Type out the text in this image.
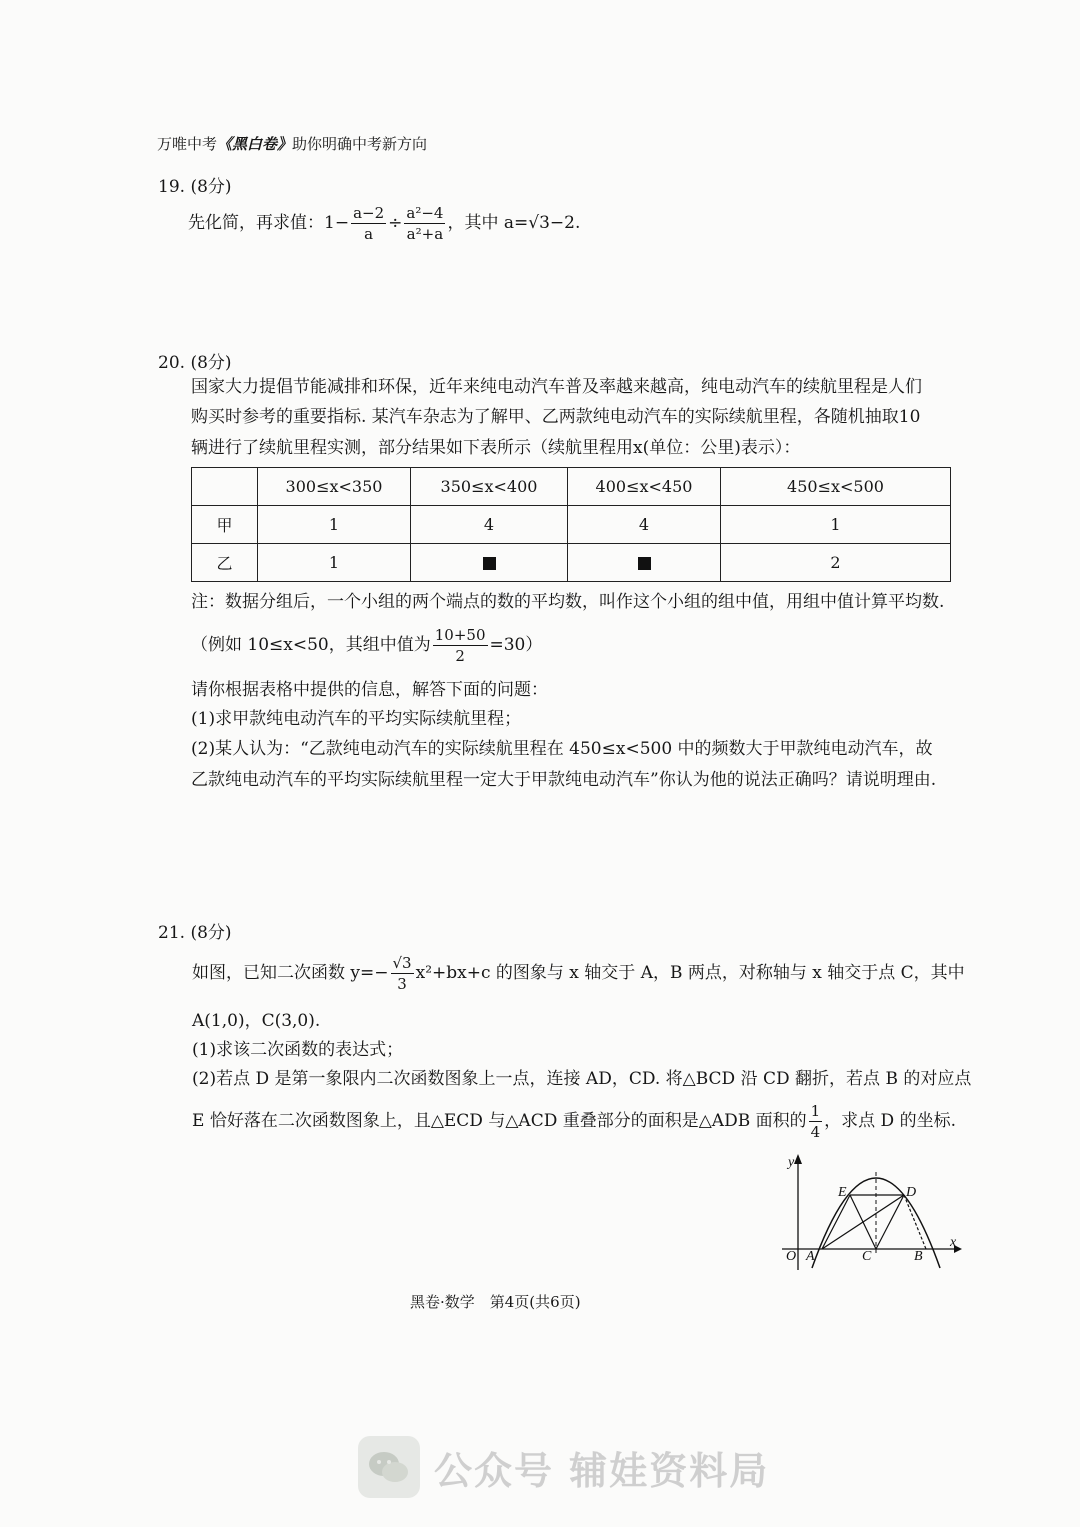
万唯中考《黑白卷》助你明确中考新方向
19. (8分)
先化简，再求值：$1- \frac{a-2}{a} \div \frac{\text{a²−4}}{\text{a²+a}}$ ，其中 a=√3−2.
20. (8分)
国家大力提倡节能减排和环保，近年来纯电动汽车普及率越来越高，纯电动汽车的续航里程是人们
购买时参考的重要指标. 某汽车杂志为了解甲、乙两款纯电动汽车的实际续航里程，各随机抽取10
辆进行了续航里程实测，部分结果如下表所示（续航里程用x(单位：公里)表示）：
	300≤x<350	350≤x<400	400≤x<450	450≤x<500
甲	1	4	4	1
乙	1			2
注：数据分组后，一个小组的两个端点的数的平均数，叫作这个小组的组中值，用组中值计算平均数.
（例如 10≤x<50，其组中值为 $\frac{10+50}{2} =30$）
请你根据表格中提供的信息，解答下面的问题：
(1)求甲款纯电动汽车的平均实际续航里程；
(2)某人认为：“乙款纯电动汽车的实际续航里程在 450≤x<500 中的频数大于甲款纯电动汽车，故
乙款纯电动汽车的平均实际续航里程一定大于甲款纯电动汽车”你认为他的说法正确吗？请说明理由.
21. (8分)
如图，已知二次函数 $y=- \frac{√3}{3} x^2+bx+c$ 的图象与 x 轴交于 A，B 两点，对称轴与 x 轴交于点 C，其中
A(1,0)，C(3,0).
(1)求该二次函数的表达式；
(2)若点 D 是第一象限内二次函数图象上一点，连接 AD，CD. 将△BCD 沿 CD 翻折，若点 B 的对应点
E 恰好落在二次函数图象上，且△ECD 与△ACD 重叠部分的面积是△ADB 面积的 $\frac{1}{4}$ ，求点 D 的坐标.
y
x
O A	C	B
D
E
黑卷·数学　第4页(共6页)
公众号 辅娃资料局
